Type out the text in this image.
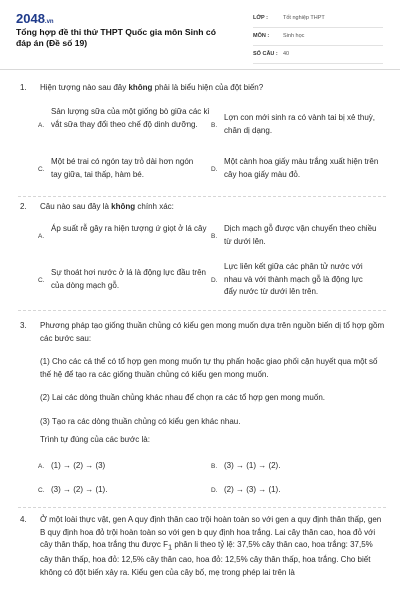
2048.vn
Tổng hợp đề thi thử THPT Quốc gia môn Sinh có đáp án (Đề số 19)
LỚP :	Tốt nghiệp THPT
MÔN :	Sinh học
SỐ CÂU : 40
1. Hiện tượng nào sau đây không phải là biểu hiện của đột biến?
A.
Sản lượng sữa của một giống bò giữa các kì vắt sữa thay đổi theo chế độ dinh dưỡng.	B.
Lợn con mới sinh ra có vành tai bị xẻ thuỳ, chân dị dạng.
C.
Một bé trai có ngón tay trỏ dài hơn ngón tay giữa, tai thấp, hàm bé.	D.
Một cành hoa giấy màu trắng xuất hiện trên cây hoa giấy màu đỏ.
2. Câu nào sau đây là không chính xác:
A.
Áp suất rễ gây ra hiện tượng ứ giọt ở lá cây
B.
Dịch mạch gỗ được vận chuyển theo chiều từ dưới lên.
C.
Sự thoát hơi nước ở lá là động lực đầu trên của dòng mạch gỗ.	D.
Lực liên kết giữa các phân tử nước với nhau và với thành mạch gỗ là động lực đẩy nước từ dưới lên trên.
3. Phương pháp tạo giống thuần chủng có kiểu gen mong muốn dựa trên nguồn biến dị tổ hợp gồm các bước sau:
(1) Cho các cá thể có tổ hợp gen mong muốn tự thụ phấn hoặc giao phối cận huyết qua một số thế hệ để tạo ra các giống thuần chủng có kiểu gen mong muốn.
(2) Lai các dòng thuần chủng khác nhau để chọn ra các tổ hợp gen mong muốn.
(3) Tạo ra các dòng thuần chủng có kiểu gen khác nhau.
Trình tự đúng của các bước là:
A. (1) → (2) → (3)	B. (3) → (1) → (2).
C. (3) → (2) → (1).	D. (2) → (3) → (1).
4. Ở một loài thực vật, gen A quy định thân cao trội hoàn toàn so với gen a quy định thân thấp, gen B quy định hoa đỏ trội hoàn toàn so với gen b quy định hoa trắng. Lai cây thân cao, hoa đỏ với cây thân thấp, hoa trắng thu được $F_1$ phân li theo tỷ lệ: 37,5% cây thân cao, hoa trắng: 37,5% cây thân thấp, hoa đỏ: 12,5% cây thân cao, hoa đỏ: 12,5% cây thân thấp, hoa trắng. Cho biết không có đột biến xảy ra. Kiểu gen của cây bố, mẹ trong phép lai trên là
